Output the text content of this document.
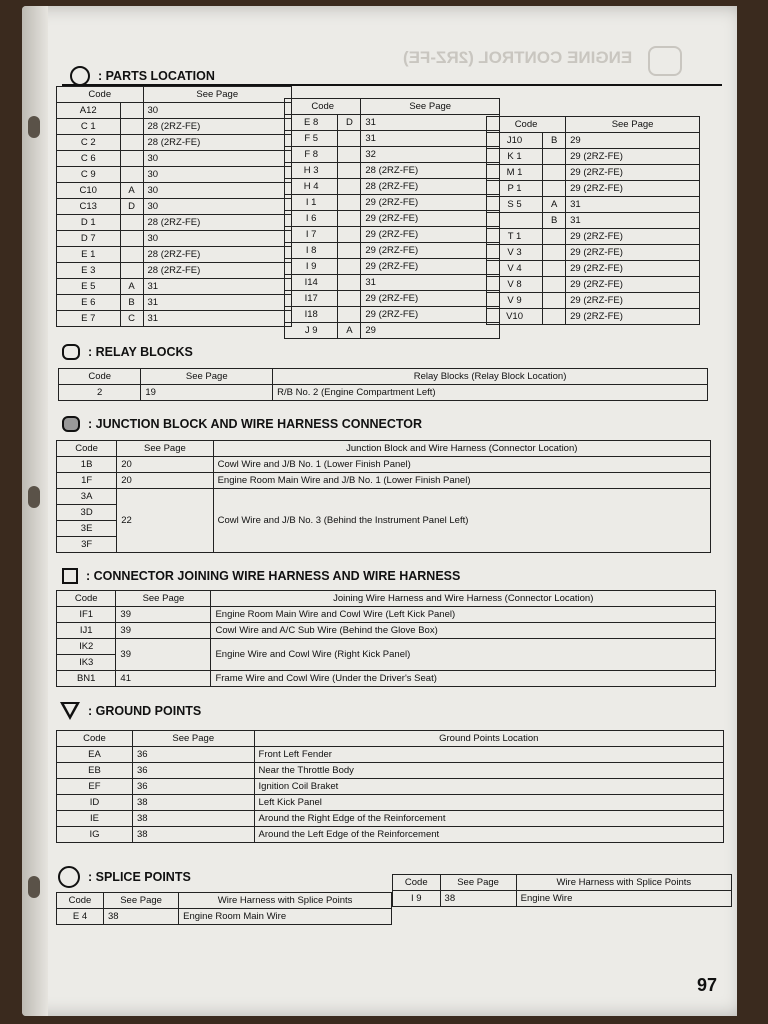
ENGINE CONTROL (2RZ-FE)
: PARTS LOCATION
Code		See Page
A12		30
C 1		28 (2RZ-FE)
C 2		28 (2RZ-FE)
C 6		30
C 9		30
C10	A	30
C13	D	30
D 1		28 (2RZ-FE)
D 7		30
E 1		28 (2RZ-FE)
E 3		28 (2RZ-FE)
E 5	A	31
E 6	B	31
E 7	C	31
Code		See Page
E 8	D	31
F 5		31
F 8		32
H 3		28 (2RZ-FE)
H 4		28 (2RZ-FE)
I 1		29 (2RZ-FE)
I 6		29 (2RZ-FE)
I 7		29 (2RZ-FE)
I 8		29 (2RZ-FE)
I 9		29 (2RZ-FE)
I14		31
I17		29 (2RZ-FE)
I18		29 (2RZ-FE)
J 9	A	29
Code		See Page
J10	B	29
K 1		29 (2RZ-FE)
M 1		29 (2RZ-FE)
P 1		29 (2RZ-FE)
S 5	A	31
	B	31
T 1		29 (2RZ-FE)
V 3		29 (2RZ-FE)
V 4		29 (2RZ-FE)
V 8		29 (2RZ-FE)
V 9		29 (2RZ-FE)
V10		29 (2RZ-FE)
: RELAY BLOCKS
Code	See Page	Relay Blocks (Relay Block Location)
2	19	R/B No. 2 (Engine Compartment Left)
: JUNCTION BLOCK AND WIRE HARNESS CONNECTOR
Code	See Page	Junction Block and Wire Harness (Connector Location)
1B	20	Cowl Wire and J/B No. 1 (Lower Finish Panel)
1F	20	Engine Room Main Wire and J/B No. 1 (Lower Finish Panel)
3A	22	Cowl Wire and J/B No. 3 (Behind the Instrument Panel Left)
3D		
3E		
3F		
: CONNECTOR JOINING WIRE HARNESS AND WIRE HARNESS
Code	See Page	Joining Wire Harness and Wire Harness (Connector Location)
IF1	39	Engine Room Main Wire and Cowl Wire (Left Kick Panel)
IJ1	39	Cowl Wire and A/C Sub Wire (Behind the Glove Box)
IK2	39	Engine Wire and Cowl Wire (Right Kick Panel)
IK3		
BN1	41	Frame Wire and Cowl Wire (Under the Driver's Seat)
: GROUND POINTS
Code	See Page	Ground Points Location
EA	36	Front Left Fender
EB	36	Near the Throttle Body
EF	36	Ignition Coil Braket
ID	38	Left Kick Panel
IE	38	Around the Right Edge of the Reinforcement
IG	38	Around the Left Edge of the Reinforcement
: SPLICE POINTS
Code	See Page	Wire Harness with Splice Points
E 4	38	Engine Room Main Wire
Code	See Page	Wire Harness with Splice Points
I 9	38	Engine Wire
97
